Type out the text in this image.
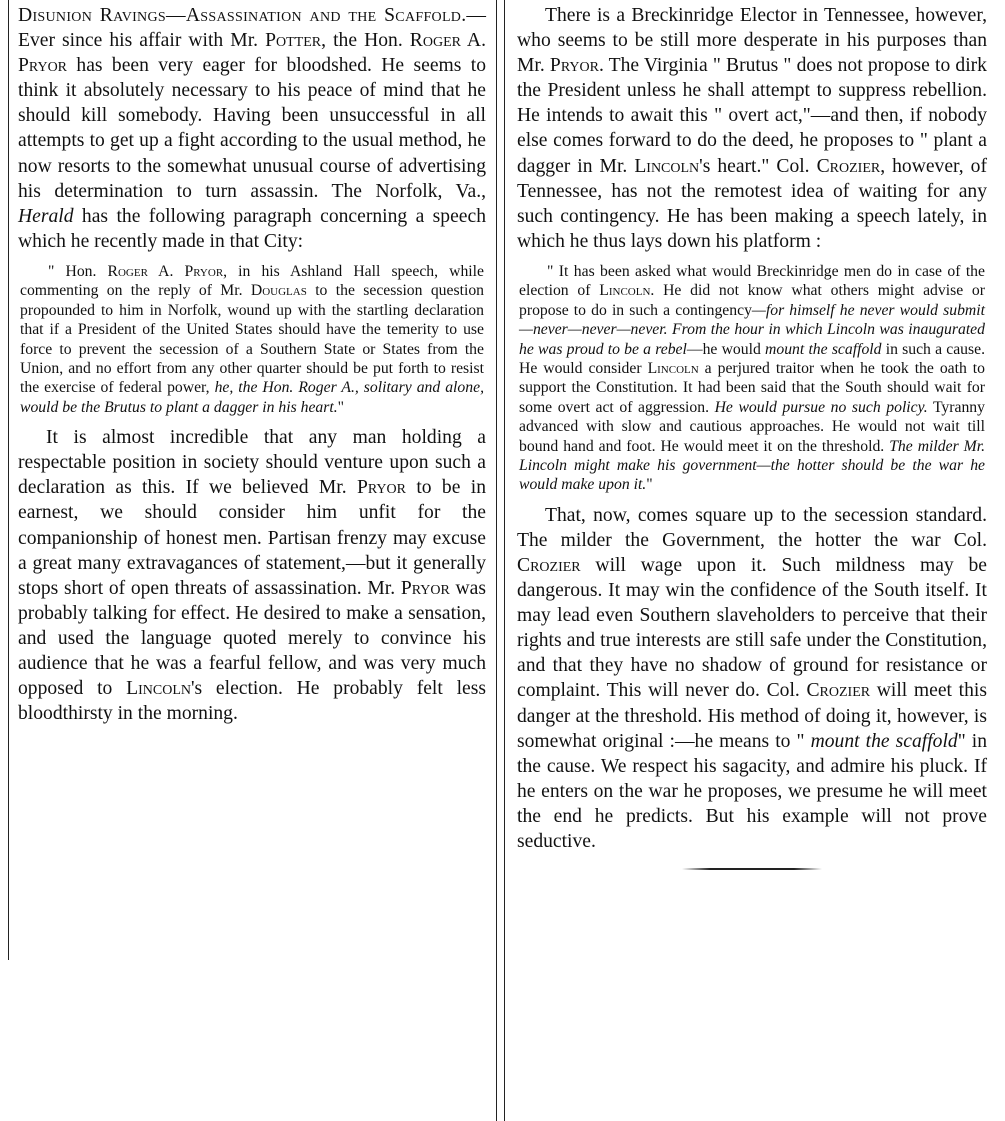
Disunion Ravings—Assassination and the Scaffold.—Ever since his affair with Mr. Potter, the Hon. Roger A. Pryor has been very eager for bloodshed. He seems to think it absolutely necessary to his peace of mind that he should kill somebody. Having been unsuccessful in all attempts to get up a fight according to the usual method, he now resorts to the somewhat unusual course of advertising his determination to turn assassin. The Norfolk, Va., Herald has the following paragraph concerning a speech which he recently made in that City:

" Hon. Roger A. Pryor, in his Ashland Hall speech, while commenting on the reply of Mr. Douglas to the secession question propounded to him in Norfolk, wound up with the startling declaration that if a President of the United States should have the temerity to use force to prevent the secession of a Southern State or States from the Union, and no effort from any other quarter should be put forth to resist the exercise of federal power, he, the Hon. Roger A., solitary and alone, would be the Brutus to plant a dagger in his heart."

It is almost incredible that any man holding a respectable position in society should venture upon such a declaration as this. If we believed Mr. Pryor to be in earnest, we should consider him unfit for the companionship of honest men. Partisan frenzy may excuse a great many extravagances of statement,—but it generally stops short of open threats of assassination. Mr. Pryor was probably talking for effect. He desired to make a sensation, and used the language quoted merely to convince his audience that he was a fearful fellow, and was very much opposed to Lincoln's election. He probably felt less bloodthirsty in the morning.

There is a Breckinridge Elector in Tennessee, however, who seems to be still more desperate in his purposes than Mr. Pryor. The Virginia " Brutus " does not propose to dirk the President unless he shall attempt to suppress rebellion. He intends to await this " overt act,"—and then, if nobody else comes forward to do the deed, he proposes to " plant a dagger in Mr. Lincoln's heart." Col. Crozier, however, of Tennessee, has not the remotest idea of waiting for any such contingency. He has been making a speech lately, in which he thus lays down his platform :

" It has been asked what would Breckinridge men do in case of the election of Lincoln. He did not know what others might advise or propose to do in such a contingency—for himself he never would submit —never—never—never. From the hour in which Lincoln was inaugurated he was proud to be a rebel—he would mount the scaffold in such a cause. He would consider Lincoln a perjured traitor when he took the oath to support the Constitution. It had been said that the South should wait for some overt act of aggression. He would pursue no such policy. Tyranny advanced with slow and cautious approaches. He would not wait till bound hand and foot. He would meet it on the threshold. The milder Mr. Lincoln might make his government—the hotter should be the war he would make upon it."

That, now, comes square up to the secession standard. The milder the Government, the hotter the war Col. Crozier will wage upon it. Such mildness may be dangerous. It may win the confidence of the South itself. It may lead even Southern slaveholders to perceive that their rights and true interests are still safe under the Constitution, and that they have no shadow of ground for resistance or complaint. This will never do. Col. Crozier will meet this danger at the threshold. His method of doing it, however, is somewhat original :—he means to " mount the scaffold" in the cause. We respect his sagacity, and admire his pluck. If he enters on the war he proposes, we presume he will meet the end he predicts. But his example will not prove seductive.
